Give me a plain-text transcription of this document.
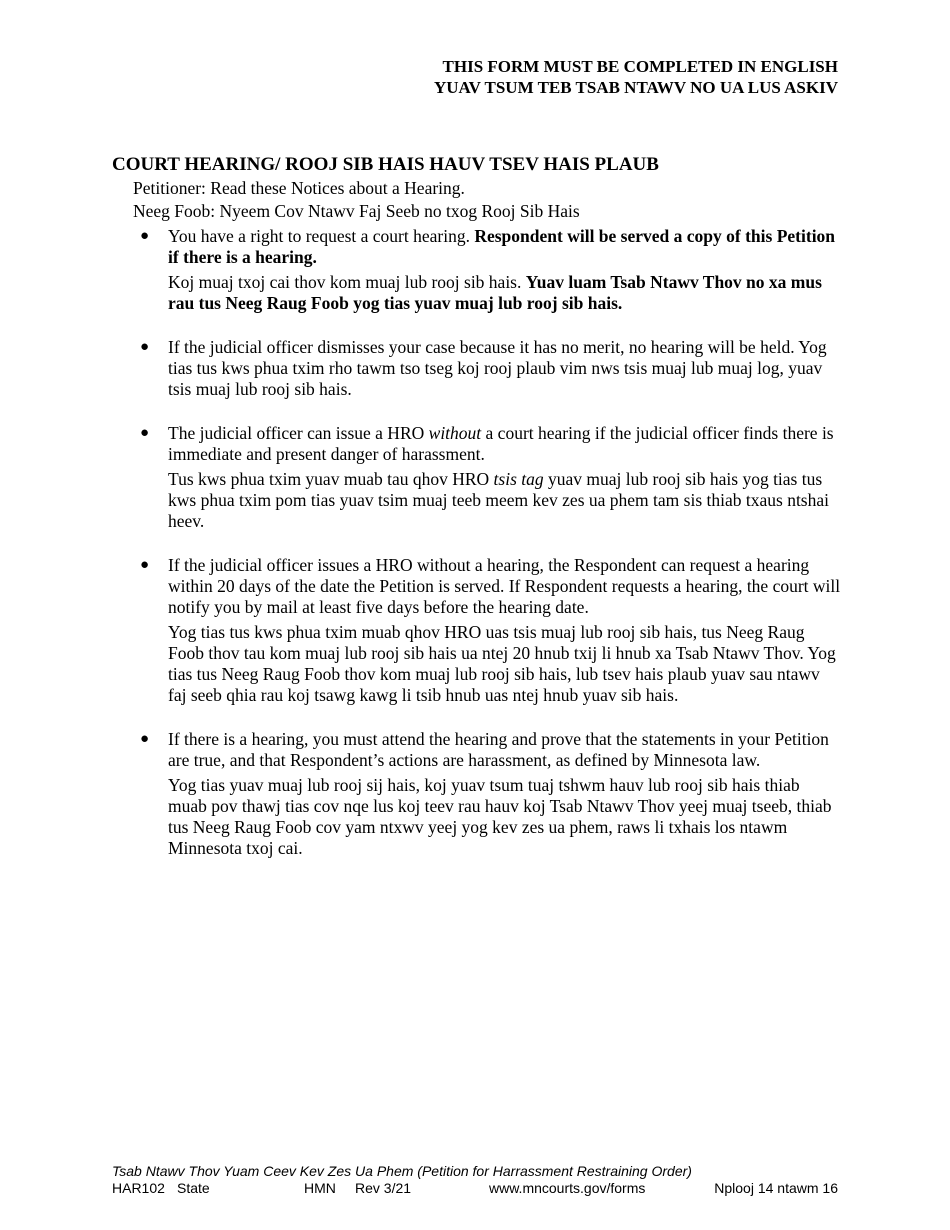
THIS FORM MUST BE COMPLETED IN ENGLISH
YUAV TSUM TEB TSAB NTAWV NO UA LUS ASKIV
COURT HEARING/ ROOJ SIB HAIS HAUV TSEV HAIS PLAUB
Petitioner: Read these Notices about a Hearing.
Neeg Foob: Nyeem Cov Ntawv Faj Seeb no txog Rooj Sib Hais
● You have a right to request a court hearing. Respondent will be served a copy of this Petition if there is a hearing.

Koj muaj txoj cai thov kom muaj lub rooj sib hais. Yuav luam Tsab Ntawv Thov no xa mus rau tus Neeg Raug Foob yog tias yuav muaj lub rooj sib hais.

● If the judicial officer dismisses your case because it has no merit, no hearing will be held. Yog tias tus kws phua txim rho tawm tso tseg koj rooj plaub vim nws tsis muaj lub muaj log, yuav tsis muaj lub rooj sib hais.

● The judicial officer can issue a HRO without a court hearing if the judicial officer finds there is immediate and present danger of harassment.

Tus kws phua txim yuav muab tau qhov HRO tsis tag yuav muaj lub rooj sib hais yog tias tus kws phua txim pom tias yuav tsim muaj teeb meem kev zes ua phem tam sis thiab txaus ntshai heev.

● If the judicial officer issues a HRO without a hearing, the Respondent can request a hearing within 20 days of the date the Petition is served. If Respondent requests a hearing, the court will notify you by mail at least five days before the hearing date.

Yog tias tus kws phua txim muab qhov HRO uas tsis muaj lub rooj sib hais, tus Neeg Raug Foob thov tau kom muaj lub rooj sib hais ua ntej 20 hnub txij li hnub xa Tsab Ntawv Thov. Yog tias tus Neeg Raug Foob thov kom muaj lub rooj sib hais, lub tsev hais plaub yuav sau ntawv faj seeb qhia rau koj tsawg kawg li tsib hnub uas ntej hnub yuav sib hais.

● If there is a hearing, you must attend the hearing and prove that the statements in your Petition are true, and that Respondent’s actions are harassment, as defined by Minnesota law.

Yog tias yuav muaj lub rooj sij hais, koj yuav tsum tuaj tshwm hauv lub rooj sib hais thiab muab pov thawj tias cov nqe lus koj teev rau hauv koj Tsab Ntawv Thov yeej muaj tseeb, thiab tus Neeg Raug Foob cov yam ntxwv yeej yog kev zes ua phem, raws li txhais los ntawm Minnesota txoj cai.

Tsab Ntawv Thov Yuam Ceev Kev Zes Ua Phem (Petition for Harrassment Restraining Order)
HAR102 State	HMN Rev 3/21	www.mncourts.gov/forms	Nplooj 14 ntawm 16
